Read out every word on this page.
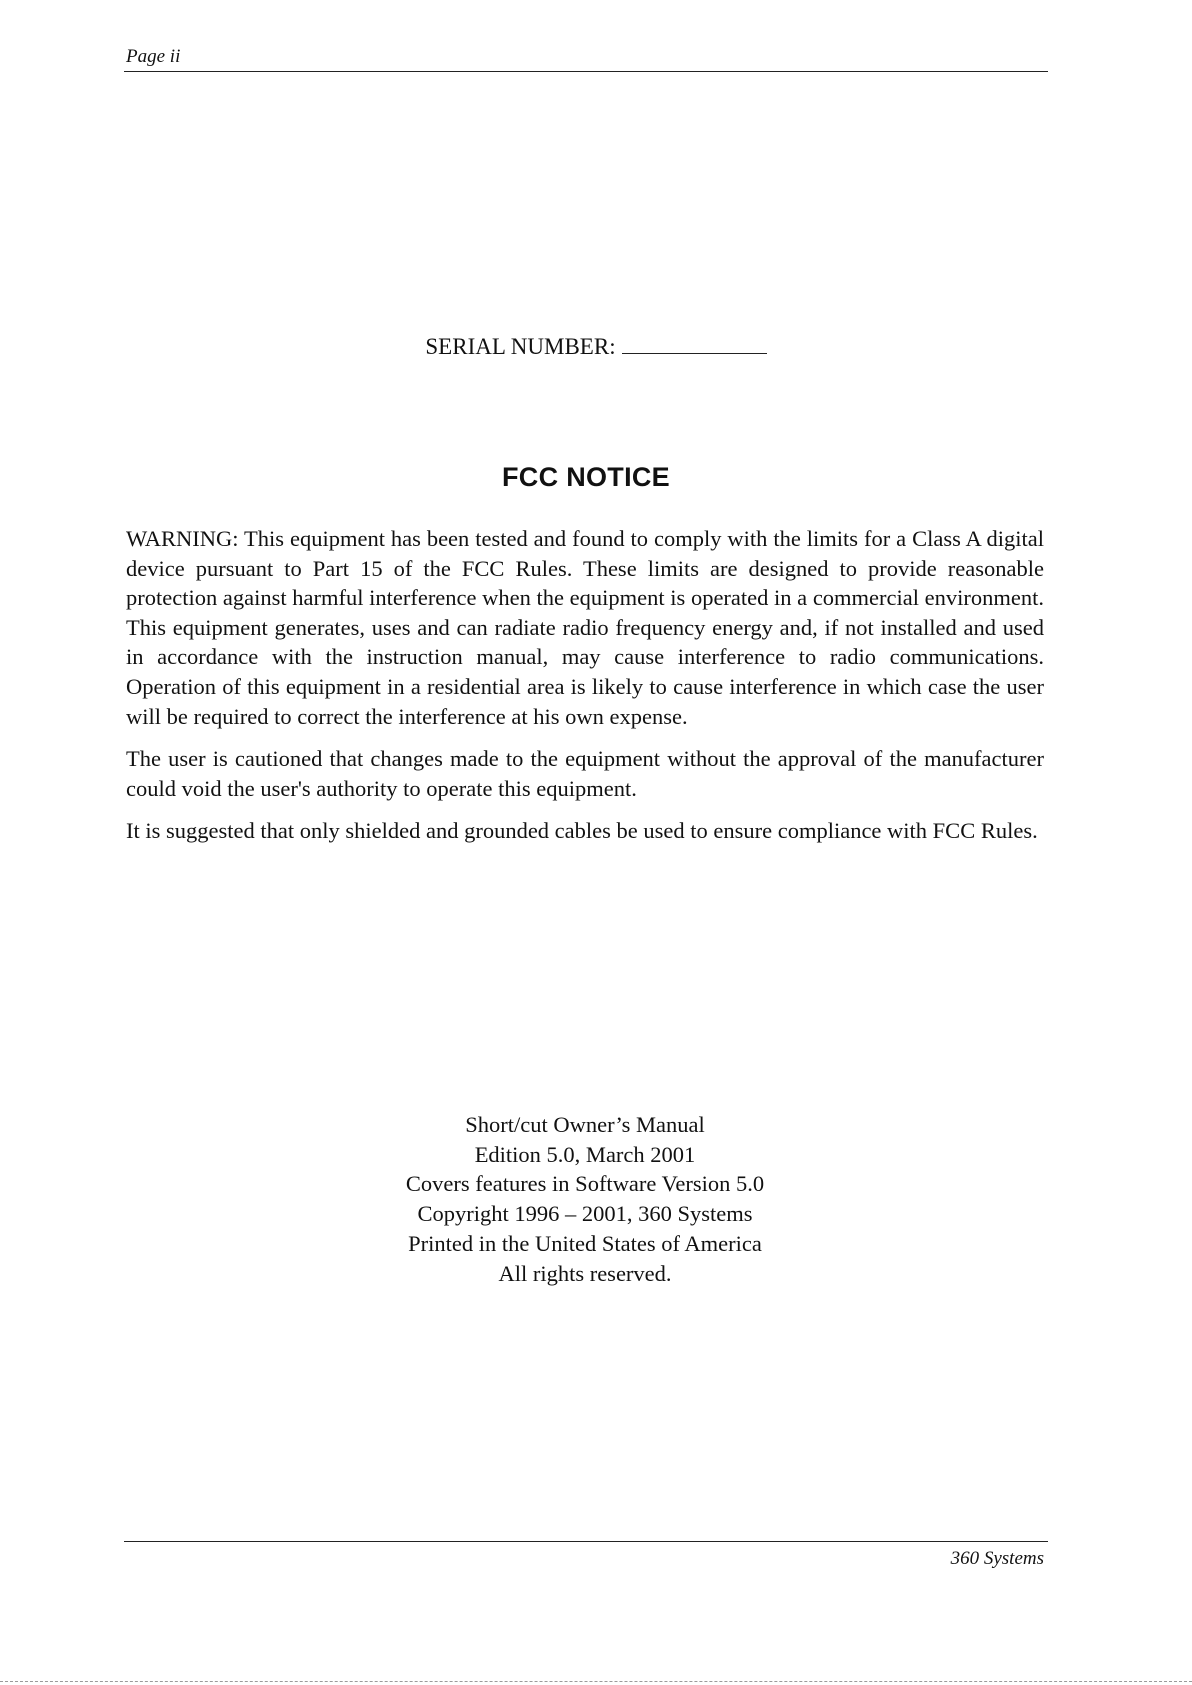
Page ii
SERIAL NUMBER:
FCC NOTICE

WARNING: This equipment has been tested and found to comply with the limits for a Class A digital device pursuant to Part 15 of the FCC Rules. These limits are designed to provide reasonable protection against harmful interference when the equipment is operated in a commercial environment. This equipment generates, uses and can radiate radio frequency energy and, if not installed and used in accordance with the instruction manual, may cause interference to radio communications. Operation of this equipment in a residential area is likely to cause interference in which case the user will be required to correct the interference at his own expense.

The user is cautioned that changes made to the equipment without the approval of the manufacturer could void the user's authority to operate this equipment.

It is suggested that only shielded and grounded cables be used to ensure compliance with FCC Rules.

Short/cut Owner’s Manual
Edition 5.0, March 2001
Covers features in Software Version 5.0
Copyright 1996 – 2001, 360 Systems
Printed in the United States of America
All rights reserved.
360 Systems
